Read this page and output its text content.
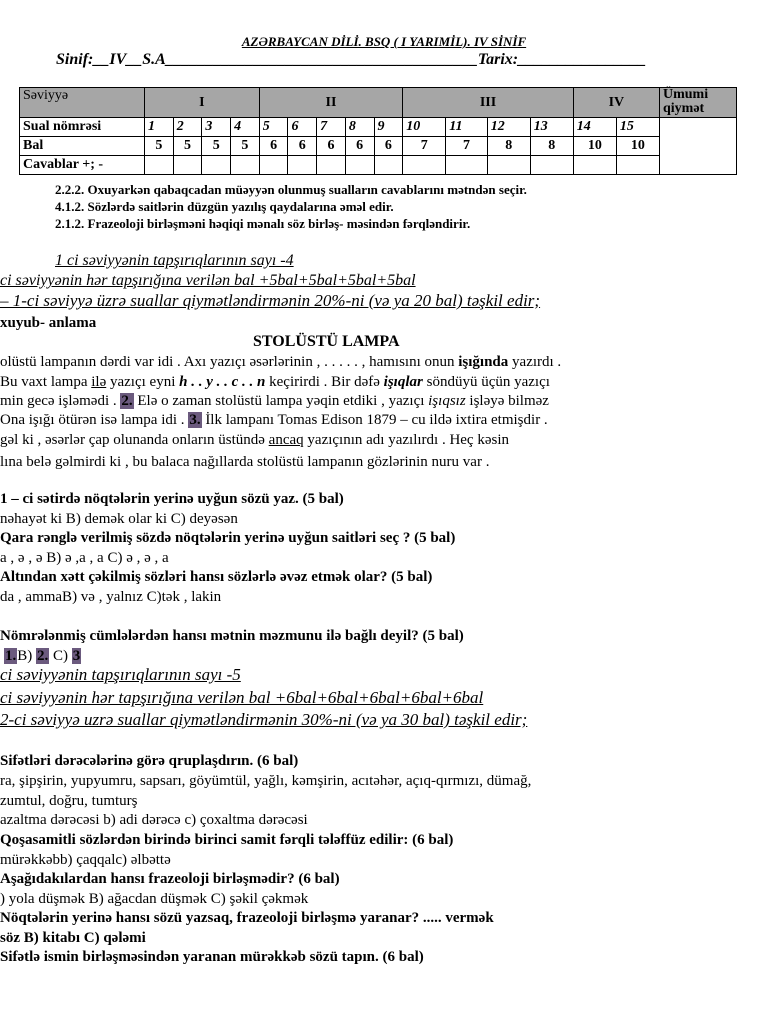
AZƏRBAYCAN DİLİ. BSQ ( I YARIMİL). IV SİNİF
Sinif:__IV__S.A_______________________________________Tarix:________________
Səviyyə	I				II					III				IV		Ümumi qiymət
Sual nömrəsi	1	2	3	4	5	6	7	8	9	10	11	12	13	14	15	
Bal	5	5	5	5	6	6	6	6	6	7	7	8	8	10	10	
Cavablar +; -																
2.2.2. Oxuyarkən qabaqcadan müəyyən olunmuş sualların cavablarını mətndən seçir.
4.1.2. Sözlərdə saitlərin düzgün yazılış qaydalarına əməl edir.
2.1.2. Frazeoloji birləşməni həqiqi mənalı söz birləş- məsindən fərqləndirir.
1 ci səviyyənin tapşırıqlarının sayı -4
ci səviyyənin hər tapşırığına verilən bal +5bal+5bal+5bal+5bal
– 1-ci səviyyə üzrə suallar qiymətləndirmənin 20%-ni (və ya 20 bal) təşkil edir;
xuyub- anlama
STOLÜSTÜ LAMPA
olüstü lampanın dərdi var idi . Axı yazıçı əsərlərinin , . . . . . , hamısını onun işığında yazırdı .
Bu vaxt lampa ilə yazıçı eyni h . . y . . c . . n keçirirdi . Bir dəfə işıqlar söndüyü üçün yazıçı
min gecə işləmədi . 2. Elə o zaman stolüstü lampa yəqin etdiki , yazıçı işıqsız işləyə bilməz
Ona işığı ötürən isə lampa idi . 3. İlk lampanı Tomas Edison 1879 – cu ildə ixtira etmişdir .
gəl ki , əsərlər çap olunanda onların üstündə ancaq yazıçının adı yazılırdı . Heç kəsin
lına belə gəlmirdi ki , bu balaca nağıllarda stolüstü lampanın gözlərinin nuru var .
1 – ci sətirdə nöqtələrin yerinə uyğun sözü yaz. (5 bal)
nəhayət ki B) demək olar ki C) deyəsən
Qara rənglə verilmiş sözdə nöqtələrin yerinə uyğun saitləri seç ? (5 bal)
a , ə , ə B) ə ,a , a C) ə , ə , a
Altından xətt çəkilmiş sözləri hansı sözlərlə əvəz etmək olar? (5 bal)
da , ammaB) və , yalnız C)tək , lakin
Nömrələnmiş cümlələrdən hansı mətnin məzmunu ilə bağlı deyil? (5 bal)
1.B) 2. C) 3
ci səviyyənin tapşırıqlarının sayı -5
ci səviyyənin hər tapşırığına verilən bal +6bal+6bal+6bal+6bal+6bal
2-ci səviyyə uzrə suallar qiymətləndirmənin 30%-ni (və ya 30 bal) təşkil edir;
Sifətləri dərəcələrinə görə qruplaşdırın. (6 bal)
ra, şipşirin, yupyumru, sapsarı, göyümtül, yağlı, kəmşirin, acıtəhər, açıq-qırmızı, dümağ,
zumtul, doğru, tumturş
azaltma dərəcəsi b) adi dərəcə c) çoxaltma dərəcəsi
Qoşasamitli sözlərdən birində birinci samit fərqli tələffüz edilir: (6 bal)
mürəkkəbb) çaqqalc) əlbəttə
Aşağıdakılardan hansı frazeoloji birləşmədir? (6 bal)
) yola düşmək B) ağacdan düşmək C) şəkil çəkmək
Nöqtələrin yerinə hansı sözü yazsaq, frazeoloji birləşmə yaranar? ..... vermək
söz B) kitabı C) qələmi
Sifətlə ismin birləşməsindən yaranan mürəkkəb sözü tapın. (6 bal)
